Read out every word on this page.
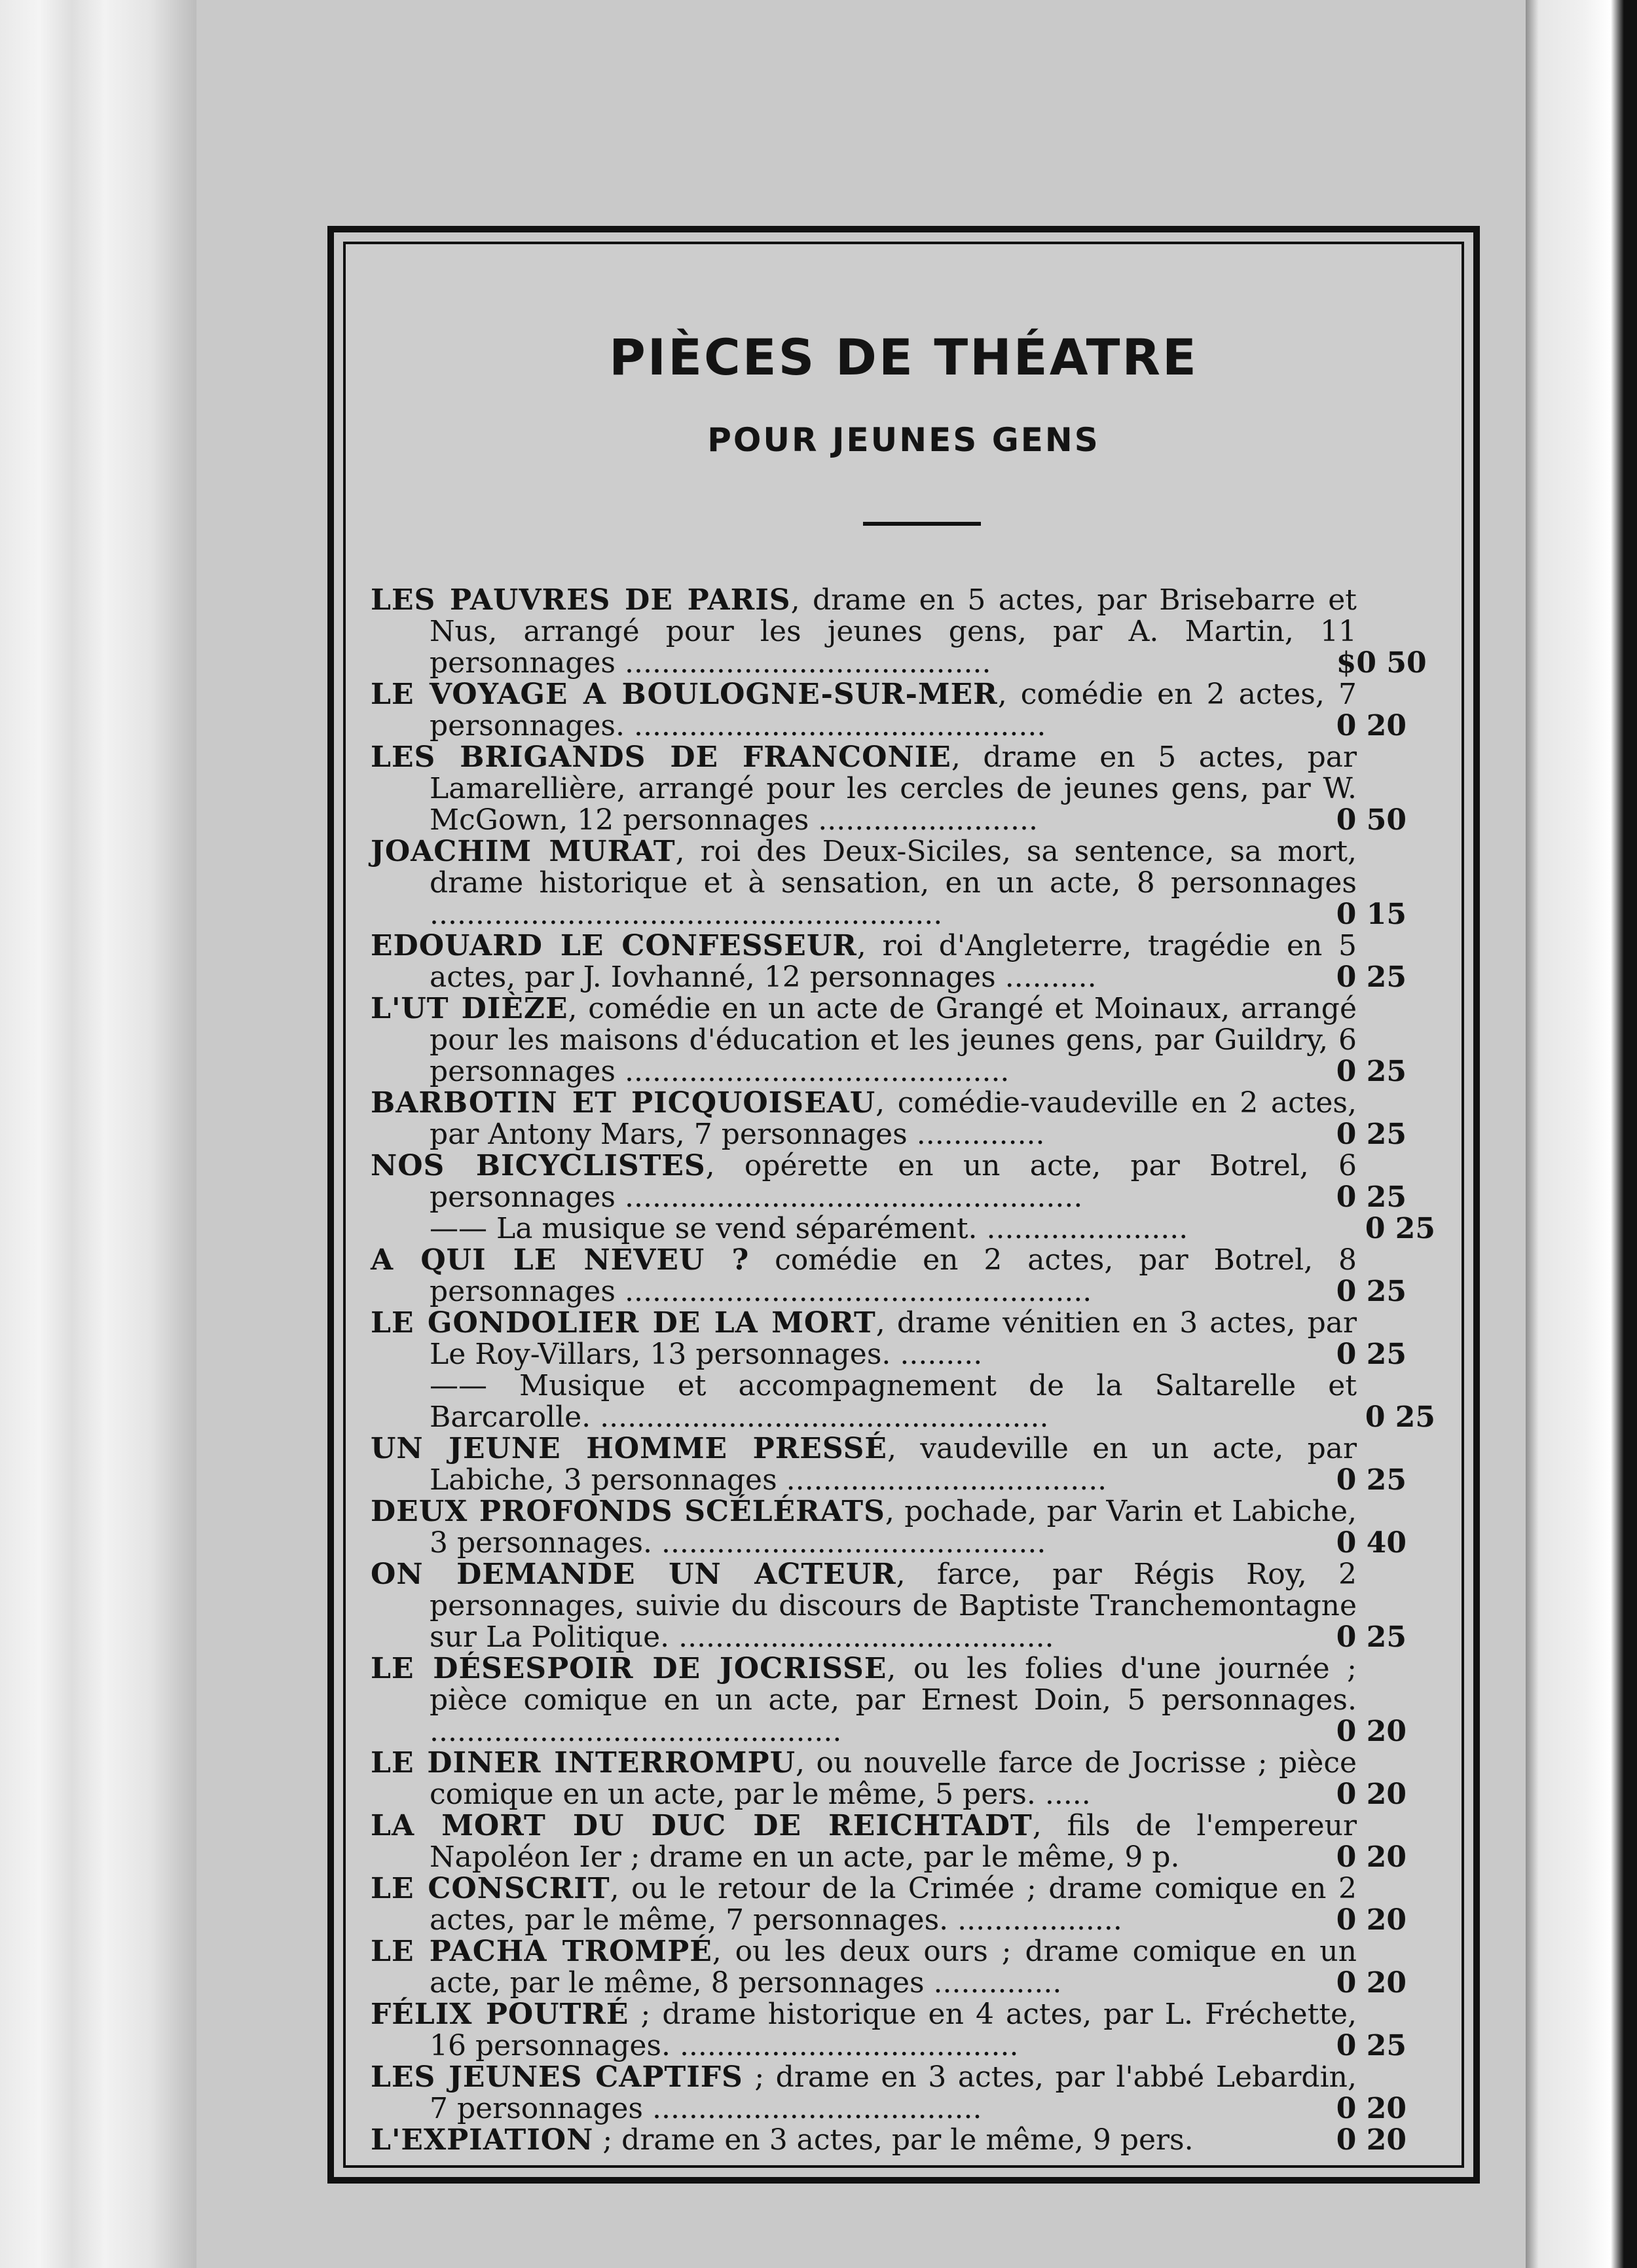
PIÈCES DE THÉATRE
POUR JEUNES GENS
LES PAUVRES DE PARIS, drame en 5 actes, par Brisebarre et Nus, arrangé pour les jeunes gens, par A. Martin, 11 personnages ........................................	$0 50
LE VOYAGE A BOULOGNE-SUR-MER, comédie en 2 actes, 7 personnages. .............................................	0 20
LES BRIGANDS DE FRANCONIE, drame en 5 actes, par Lamarellière, arrangé pour les cercles de jeunes gens, par W. McGown, 12 personnages ........................	0 50
JOACHIM MURAT, roi des Deux-Siciles, sa sentence, sa mort, drame historique et à sensation, en un acte, 8 personnages ........................................................	0 15
EDOUARD LE CONFESSEUR, roi d'Angleterre, tragédie en 5 actes, par J. Iovhanné, 12 personnages ..........	0 25
L'UT DIÈZE, comédie en un acte de Grangé et Moinaux, arrangé pour les maisons d'éducation et les jeunes gens, par Guildry, 6 personnages ..........................................	0 25
BARBOTIN ET PICQUOISEAU, comédie-vaudeville en 2 actes, par Antony Mars, 7 personnages ..............	0 25
NOS BICYCLISTES, opérette en un acte, par Botrel, 6 personnages ..................................................	0 25
—— La musique se vend séparément. ......................	0 25
A QUI LE NEVEU ? comédie en 2 actes, par Botrel, 8 personnages ...................................................	0 25
LE GONDOLIER DE LA MORT, drame vénitien en 3 actes, par Le Roy-Villars, 13 personnages. .........	0 25
—— Musique et accompagnement de la Saltarelle et Barcarolle. .................................................	0 25
UN JEUNE HOMME PRESSÉ, vaudeville en un acte, par Labiche, 3 personnages ...................................	0 25
DEUX PROFONDS SCÉLÉRATS, pochade, par Varin et Labiche, 3 personnages. ..........................................	0 40
ON DEMANDE UN ACTEUR, farce, par Régis Roy, 2 personnages, suivie du discours de Baptiste Tranchemontagne sur La Politique. .........................................	0 25
LE DÉSESPOIR DE JOCRISSE, ou les folies d'une journée ; pièce comique en un acte, par Ernest Doin, 5 personnages. .............................................	0 20
LE DINER INTERROMPU, ou nouvelle farce de Jocrisse ; pièce comique en un acte, par le même, 5 pers. .....	0 20
LA MORT DU DUC DE REICHTADT, fils de l'empereur Napoléon Ier ; drame en un acte, par le même, 9 p.	0 20
LE CONSCRIT, ou le retour de la Crimée ; drame comique en 2 actes, par le même, 7 personnages. ..................	0 20
LE PACHA TROMPÉ, ou les deux ours ; drame comique en un acte, par le même, 8 personnages ..............	0 20
FÉLIX POUTRÉ ; drame historique en 4 actes, par L. Fréchette, 16 personnages. .....................................	0 25
LES JEUNES CAPTIFS ; drame en 3 actes, par l'abbé Lebardin, 7 personnages ....................................	0 20
L'EXPIATION ; drame en 3 actes, par le même, 9 pers.	0 20
